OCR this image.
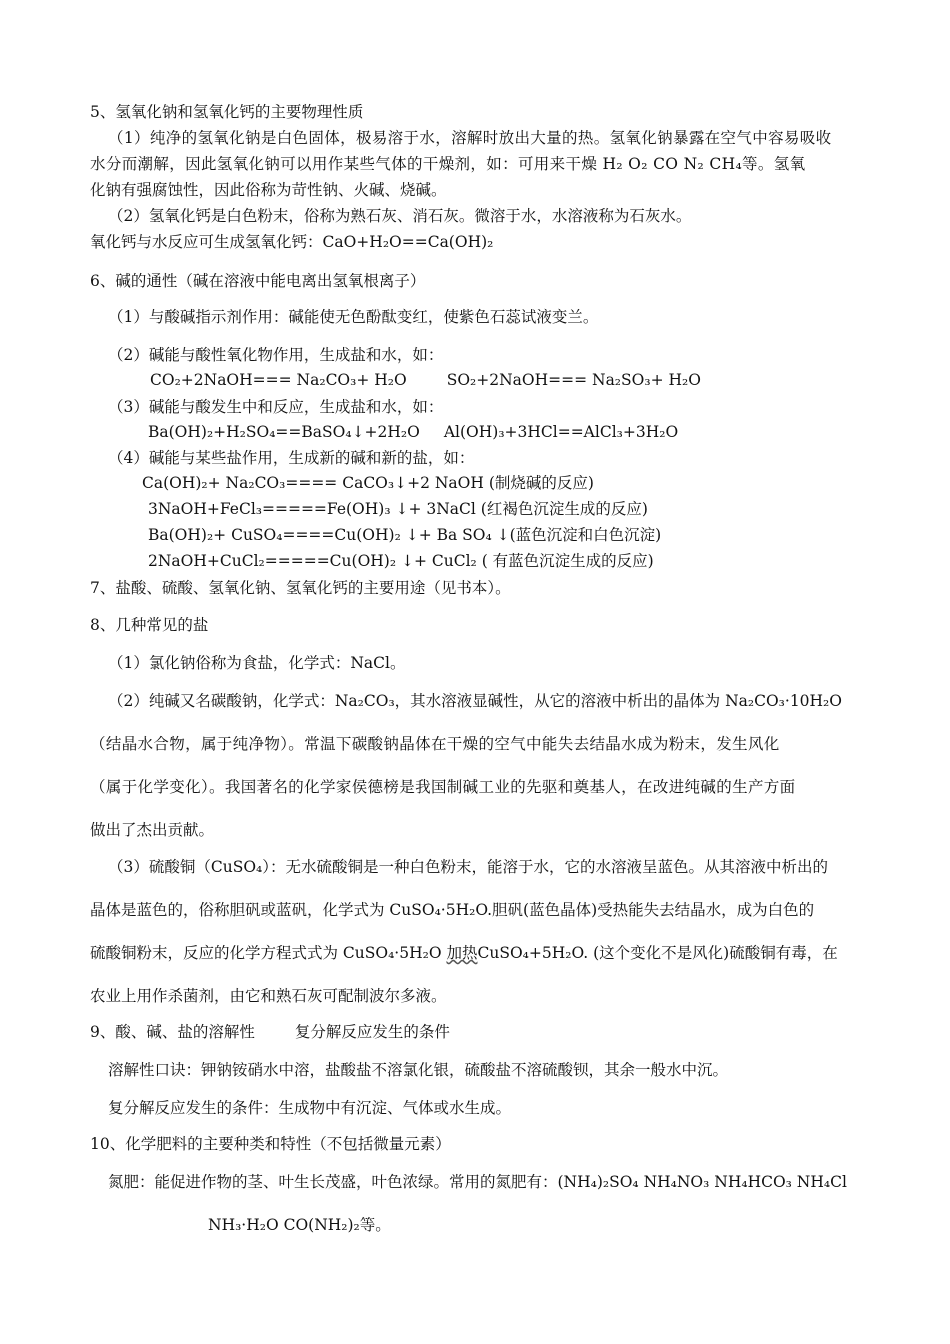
5、氢氧化钠和氢氧化钙的主要物理性质
（1）纯净的氢氧化钠是白色固体，极易溶于水，溶解时放出大量的热。氢氧化钠暴露在空气中容易吸收
水分而潮解，因此氢氧化钠可以用作某些气体的干燥剂，如：可用来干燥 H₂ O₂ CO N₂ CH₄等。氢氧
化钠有强腐蚀性，因此俗称为苛性钠、火碱、烧碱。
（2）氢氧化钙是白色粉末，俗称为熟石灰、消石灰。微溶于水，水溶液称为石灰水。
氧化钙与水反应可生成氢氧化钙：CaO+H₂O==Ca(OH)₂
6、碱的通性（碱在溶液中能电离出氢氧根离子）
（1）与酸碱指示剂作用：碱能使无色酚酞变红，使紫色石蕊试液变兰。
（2）碱能与酸性氧化物作用，生成盐和水，如：
CO₂+2NaOH=== Na₂CO₃+ H₂O	SO₂+2NaOH=== Na₂SO₃+ H₂O
（3）碱能与酸发生中和反应，生成盐和水，如：
Ba(OH)₂+H₂SO₄==BaSO₄↓+2H₂O Al(OH)₃+3HCl==AlCl₃+3H₂O
（4）碱能与某些盐作用，生成新的碱和新的盐，如：
Ca(OH)₂+ Na₂CO₃==== CaCO₃↓+2 NaOH (制烧碱的反应)
3NaOH+FeCl₃=====Fe(OH)₃ ↓+ 3NaCl (红褐色沉淀生成的反应)
Ba(OH)₂+ CuSO₄====Cu(OH)₂ ↓+ Ba SO₄ ↓(蓝色沉淀和白色沉淀)
2NaOH+CuCl₂=====Cu(OH)₂ ↓+ CuCl₂ ( 有蓝色沉淀生成的反应)
7、盐酸、硫酸、氢氧化钠、氢氧化钙的主要用途（见书本）。
8、几种常见的盐
（1）氯化钠俗称为食盐，化学式：NaCl。
（2）纯碱又名碳酸钠，化学式：Na₂CO₃，其水溶液显碱性，从它的溶液中析出的晶体为 Na₂CO₃·10H₂O
（结晶水合物，属于纯净物）。常温下碳酸钠晶体在干燥的空气中能失去结晶水成为粉末，发生风化
（属于化学变化）。我国著名的化学家侯德榜是我国制碱工业的先驱和奠基人，在改进纯碱的生产方面
做出了杰出贡献。
（3）硫酸铜（CuSO₄）：无水硫酸铜是一种白色粉末，能溶于水，它的水溶液呈蓝色。从其溶液中析出的
晶体是蓝色的，俗称胆矾或蓝矾，化学式为 CuSO₄·5H₂O.胆矾(蓝色晶体)受热能失去结晶水，成为白色的
硫酸铜粉末，反应的化学方程式式为 CuSO₄·5H₂O 加热CuSO₄+5H₂O. (这个变化不是风化)硫酸铜有毒，在
农业上用作杀菌剂，由它和熟石灰可配制波尔多液。
9、酸、碱、盐的溶解性	复分解反应发生的条件
溶解性口诀：钾钠铵硝水中溶，盐酸盐不溶氯化银，硫酸盐不溶硫酸钡，其余一般水中沉。
复分解反应发生的条件：生成物中有沉淀、气体或水生成。
10、化学肥料的主要种类和特性（不包括微量元素）
氮肥：能促进作物的茎、叶生长茂盛，叶色浓绿。常用的氮肥有：(NH₄)₂SO₄ NH₄NO₃ NH₄HCO₃ NH₄Cl
NH₃·H₂O CO(NH₂)₂等。
